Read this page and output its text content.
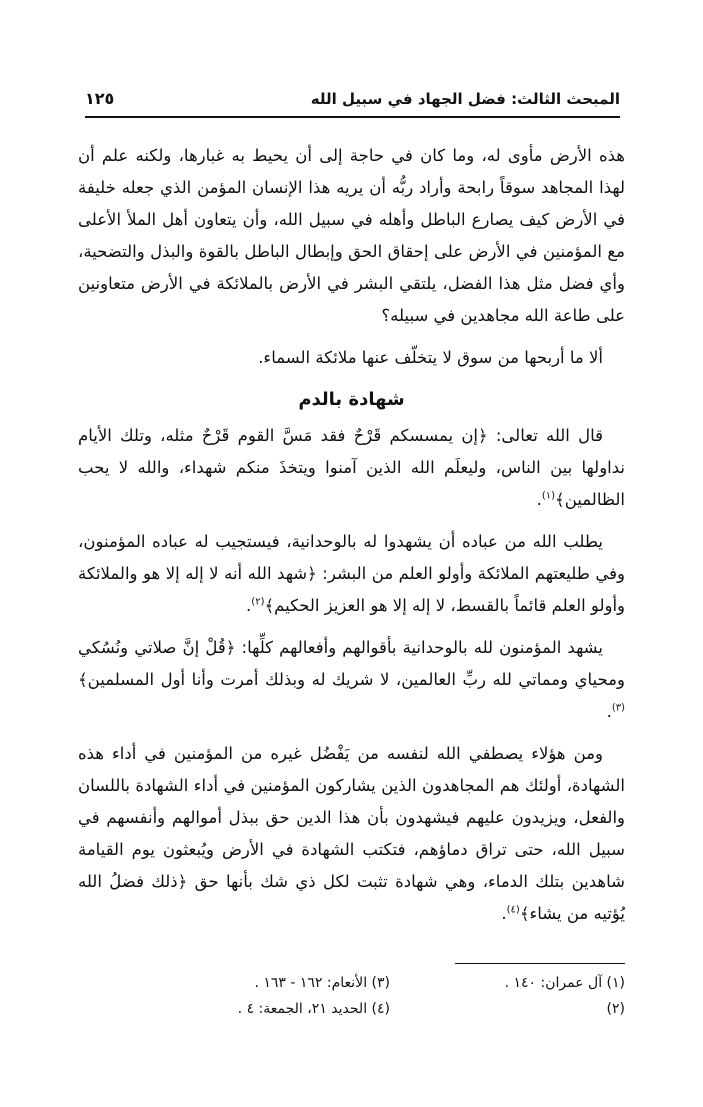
المبحث الثالث: فضل الجهاد في سبيل الله
١٢٥

هذه الأرض مأوى له، وما كان في حاجة إلى أن يحيط به غبارها، ولكنه علم أن لهذا المجاهد سوقاً رابحة وأراد ربُّه أن يريه هذا الإنسان المؤمن الذي جعله خليفة في الأرض كيف يصارع الباطل وأهله في سبيل الله، وأن يتعاون أهل الملأ الأعلى مع المؤمنين في الأرض على إحقاق الحق وإبطال الباطل بالقوة والبذل والتضحية، وأي فضل مثل هذا الفضل، يلتقي البشر في الأرض بالملائكة في الأرض متعاونين على طاعة الله مجاهدين في سبيله؟

ألا ما أربحها من سوق لا يتخلّف عنها ملائكة السماء.

شهادة بالدم

قال الله تعالى: ﴿إن يمسسكم قَرْحٌ فقد مَسَّ القوم قَرْحٌ مثله، وتلك الأيام نداولها بين الناس، وليعلَم الله الذين آمنوا ويتخذَ منكم شهداء، والله لا يحب الظالمين﴾$^{(١)}$.

يطلب الله من عباده أن يشهدوا له بالوحدانية، فيستجيب له عباده المؤمنون، وفي طليعتهم الملائكة وأولو العلم من البشر: ﴿شهد الله أنه لا إله إلا هو والملائكة وأولو العلم قائماً بالقسط، لا إله إلا هو العزيز الحكيم﴾$^{(٢)}$.

يشهد المؤمنون لله بالوحدانية بأقوالهم وأفعالهم كلِّها: ﴿قُلْ إنَّ صلاتي ونُسُكي ومحياي ومماتي لله ربِّ العالمين، لا شريك له وبذلك أمرت وأنا أول المسلمين﴾$^{(٣)}$.

ومن هؤلاء يصطفي الله لنفسه من يَفْضُل غيره من المؤمنين في أداء هذه الشهادة، أولئك هم المجاهدون الذين يشاركون المؤمنين في أداء الشهادة باللسان والفعل، ويزيدون عليهم فيشهدون بأن هذا الدين حق ببذل أموالهم وأنفسهم في سبيل الله، حتى تراق دماؤهم، فتكتب الشهادة في الأرض ويُبعثون يوم القيامة شاهدين بتلك الدماء، وهي شهادة تثبت لكل ذي شك بأنها حق ﴿ذلك فضلُ الله يُؤتيه من يشاء﴾$^{(٤)}$.

(١) آل عمران: ١٤٠ .
(٣) الأنعام: ١٦٢ - ١٦٣ .
(٢)
(٤) الحديد ٢١، الجمعة: ٤ .
